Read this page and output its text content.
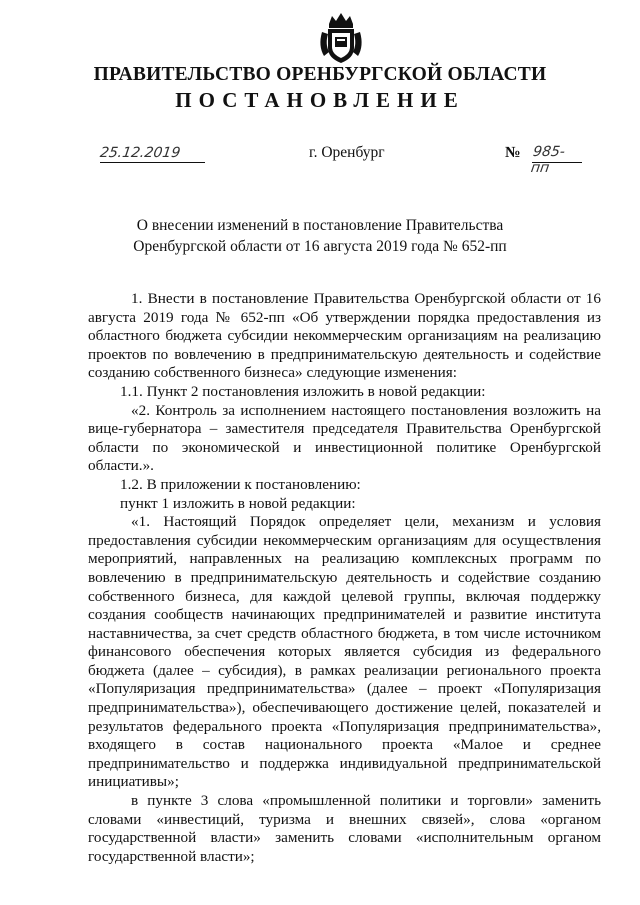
ПРАВИТЕЛЬСТВО ОРЕНБУРГСКОЙ ОБЛАСТИ
ПОСТАНОВЛЕНИЕ
25.12.2019	г. Оренбург	№ 985-пп
О внесении изменений в постановление Правительства
Оренбургской области от 16 августа 2019 года № 652-пп

1. Внести в постановление Правительства Оренбургской области от 16 августа 2019 года № 652-пп «Об утверждении порядка предоставления из областного бюджета субсидии некоммерческим организациям на реализацию проектов по вовлечению в предпринимательскую деятельность и содействие созданию собственного бизнеса» следующие изменения:

1.1. Пункт 2 постановления изложить в новой редакции:

«2. Контроль за исполнением настоящего постановления возложить на вице-губернатора – заместителя председателя Правительства Оренбургской области по экономической и инвестиционной политике Оренбургской области.».

1.2. В приложении к постановлению:

пункт 1 изложить в новой редакции:

«1. Настоящий Порядок определяет цели, механизм и условия предоставления субсидии некоммерческим организациям для осуществления мероприятий, направленных на реализацию комплексных программ по вовлечению в предпринимательскую деятельность и содействие созданию собственного бизнеса, для каждой целевой группы, включая поддержку создания сообществ начинающих предпринимателей и развитие института наставничества, за счет средств областного бюджета, в том числе источником финансового обеспечения которых является субсидия из федерального бюджета (далее – субсидия), в рамках реализации регионального проекта «Популяризация предпринимательства» (далее – проект «Популяризация предпринимательства»), обеспечивающего достижение целей, показателей и результатов федерального проекта «Популяризация предпринимательства», входящего в состав национального проекта «Малое и среднее предпринимательство и поддержка индивидуальной предпринимательской инициативы»;

в пункте 3 слова «промышленной политики и торговли» заменить словами «инвестиций, туризма и внешних связей», слова «органом государственной власти» заменить словами «исполнительным органом государственной власти»;
